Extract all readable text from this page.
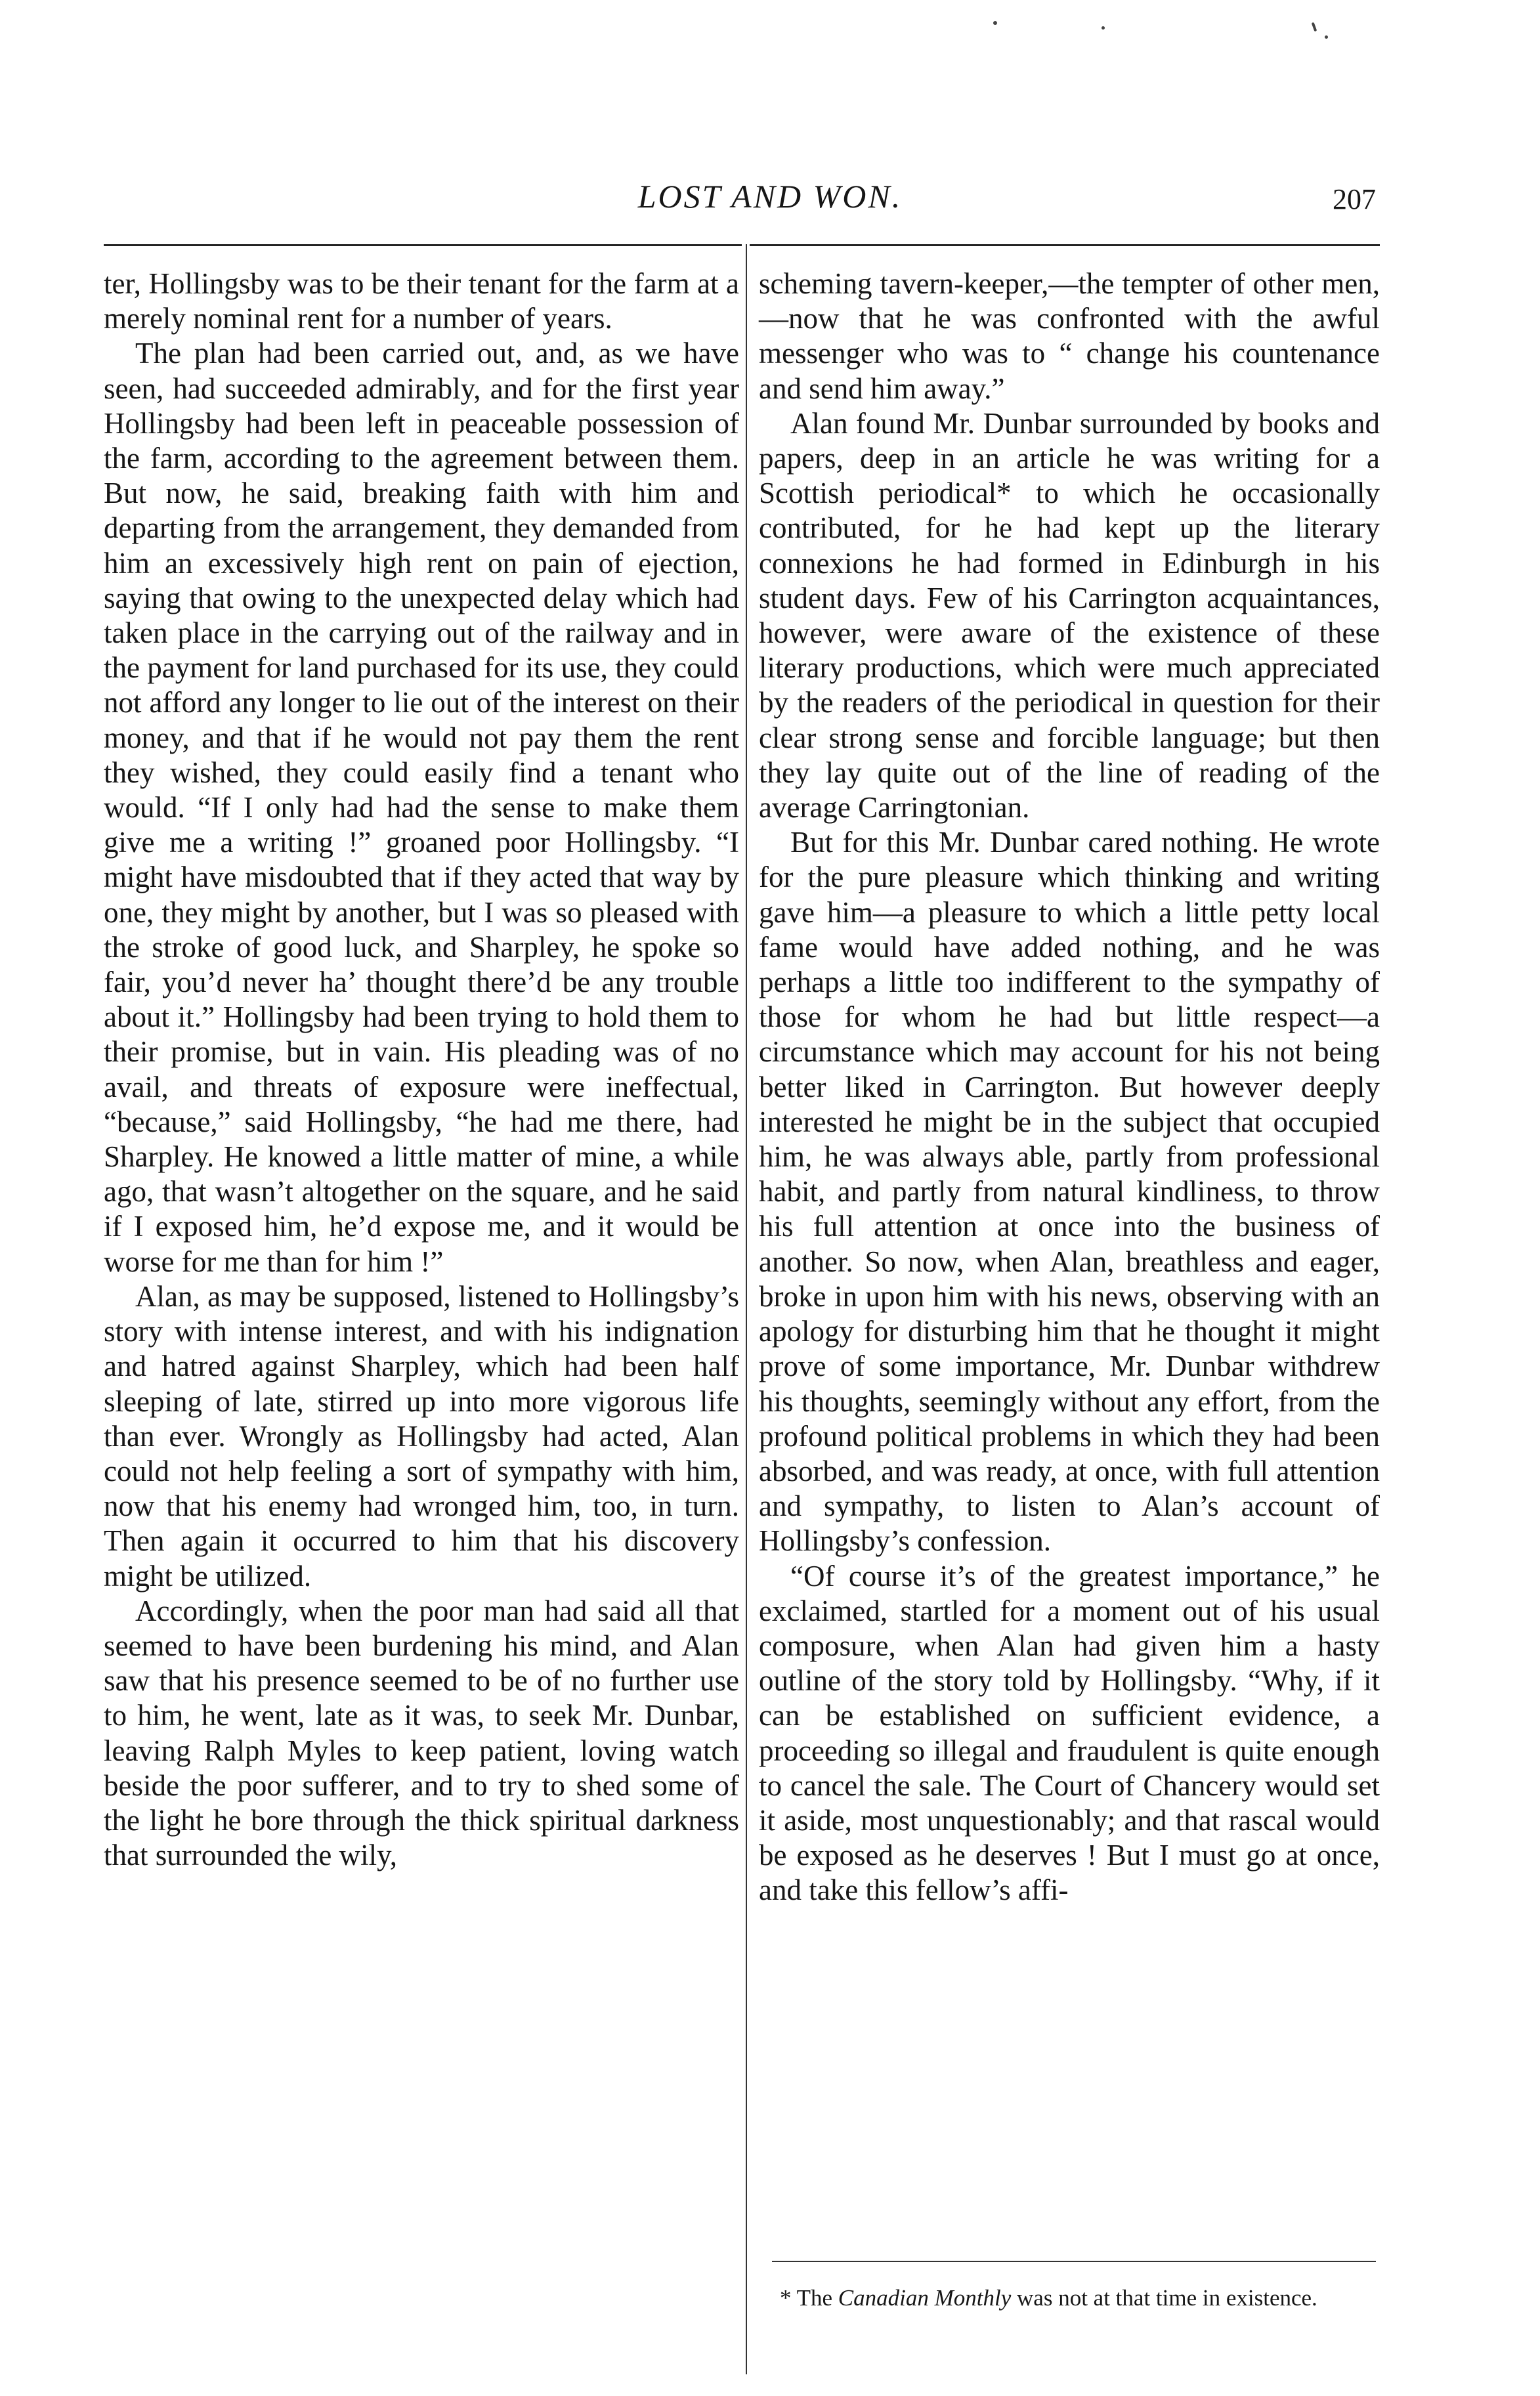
LOST AND WON.	207

ter, Hollingsby was to be their tenant for the farm at a merely nominal rent for a number of years.

The plan had been carried out, and, as we have seen, had succeeded admirably, and for the first year Hollingsby had been left in peaceable possession of the farm, according to the agreement between them. But now, he said, breaking faith with him and departing from the arrangement, they demanded from him an excessively high rent on pain of ejection, saying that owing to the unexpected delay which had taken place in the carrying out of the railway and in the payment for land purchased for its use, they could not afford any longer to lie out of the interest on their money, and that if he would not pay them the rent they wished, they could easily find a tenant who would. “If I only had had the sense to make them give me a writing !” groaned poor Hollingsby. “I might have misdoubted that if they acted that way by one, they might by another, but I was so pleased with the stroke of good luck, and Sharpley, he spoke so fair, you’d never ha’ thought there’d be any trouble about it.” Hollingsby had been trying to hold them to their promise, but in vain. His pleading was of no avail, and threats of exposure were ineffectual, “because,” said Hollingsby, “he had me there, had Sharpley. He knowed a little matter of mine, a while ago, that wasn’t altogether on the square, and he said if I exposed him, he’d expose me, and it would be worse for me than for him !”

Alan, as may be supposed, listened to Hollingsby’s story with intense interest, and with his indignation and hatred against Sharpley, which had been half sleeping of late, stirred up into more vigorous life than ever. Wrongly as Hollingsby had acted, Alan could not help feeling a sort of sympathy with him, now that his enemy had wronged him, too, in turn. Then again it occurred to him that his discovery might be utilized.

Accordingly, when the poor man had said all that seemed to have been burdening his mind, and Alan saw that his presence seemed to be of no further use to him, he went, late as it was, to seek Mr. Dunbar, leaving Ralph Myles to keep patient, loving watch beside the poor sufferer, and to try to shed some of the light he bore through the thick spiritual darkness that surrounded the wily,

scheming tavern-keeper,—the tempter of other men,—now that he was confronted with the awful messenger who was to “ change his countenance and send him away.”

Alan found Mr. Dunbar surrounded by books and papers, deep in an article he was writing for a Scottish periodical* to which he occasionally contributed, for he had kept up the literary connexions he had formed in Edinburgh in his student days. Few of his Carrington acquaintances, however, were aware of the existence of these literary productions, which were much appreciated by the readers of the periodical in question for their clear strong sense and forcible language; but then they lay quite out of the line of reading of the average Carringtonian.

But for this Mr. Dunbar cared nothing. He wrote for the pure pleasure which thinking and writing gave him—a pleasure to which a little petty local fame would have added nothing, and he was perhaps a little too indifferent to the sympathy of those for whom he had but little respect—a circumstance which may account for his not being better liked in Carrington. But however deeply interested he might be in the subject that occupied him, he was always able, partly from professional habit, and partly from natural kindliness, to throw his full attention at once into the business of another. So now, when Alan, breathless and eager, broke in upon him with his news, observing with an apology for disturbing him that he thought it might prove of some importance, Mr. Dunbar withdrew his thoughts, seemingly without any effort, from the profound political problems in which they had been absorbed, and was ready, at once, with full attention and sympathy, to listen to Alan’s account of Hollingsby’s confession.

“Of course it’s of the greatest importance,” he exclaimed, startled for a moment out of his usual composure, when Alan had given him a hasty outline of the story told by Hollingsby. “Why, if it can be established on sufficient evidence, a proceeding so illegal and fraudulent is quite enough to cancel the sale. The Court of Chancery would set it aside, most unquestionably; and that rascal would be exposed as he deserves ! But I must go at once, and take this fellow’s affi-

* The Canadian Monthly was not at that time in existence.
